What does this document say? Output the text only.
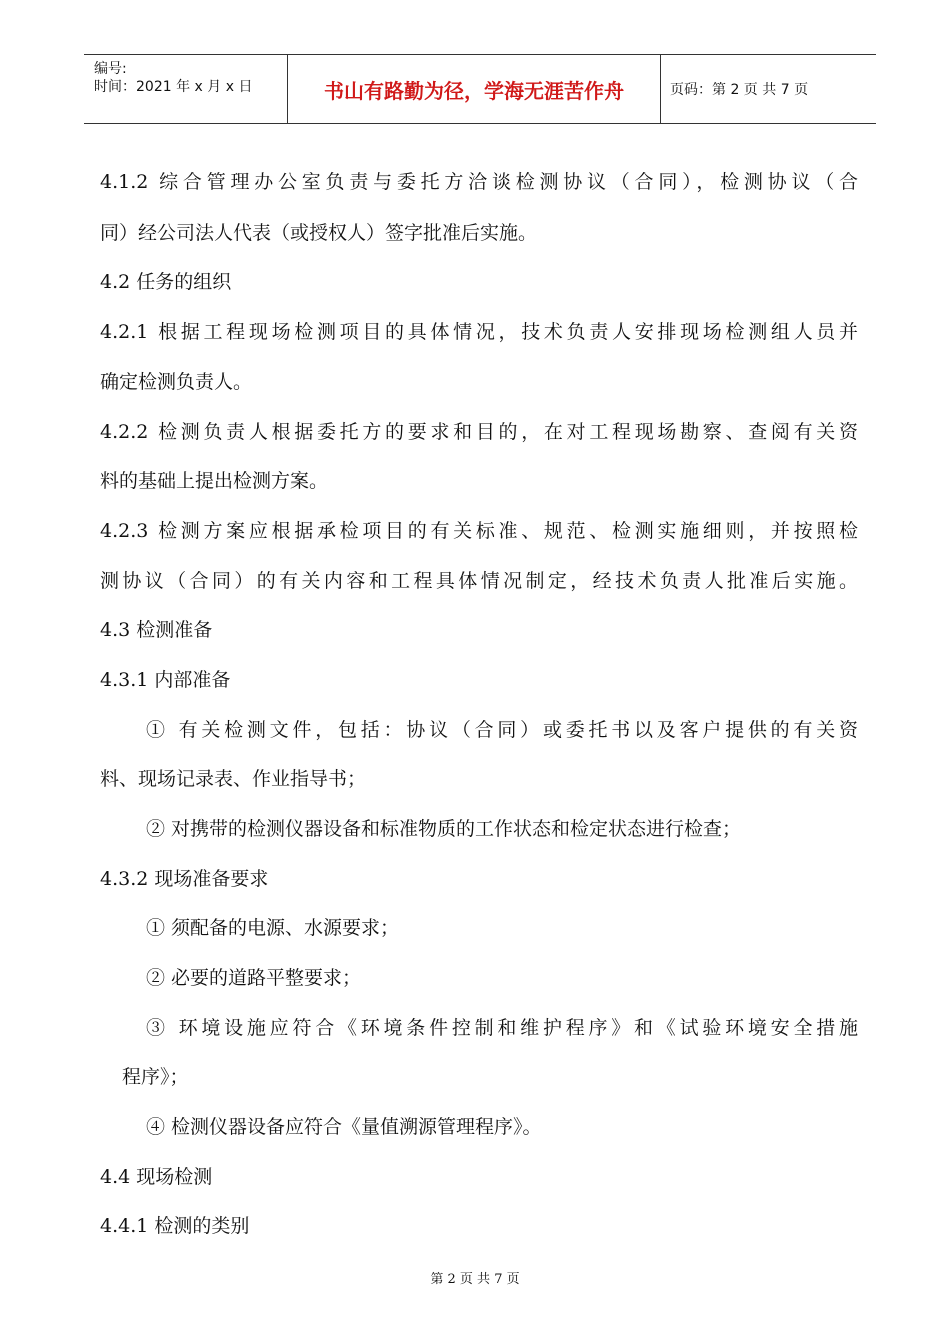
编号:
时间：2021 年 x 月 x 日	书山有路勤为径，学海无涯苦作舟	页码：第 2 页 共 7 页
4.1.2 综合管理办公室负责与委托方洽谈检测协议（合同），检测协议（合
同）经公司法人代表（或授权人）签字批准后实施。
4.2 任务的组织
4.2.1 根据工程现场检测项目的具体情况，技术负责人安排现场检测组人员并
确定检测负责人。
4.2.2 检测负责人根据委托方的要求和目的，在对工程现场勘察、查阅有关资
料的基础上提出检测方案。
4.2.3 检测方案应根据承检项目的有关标准、规范、检测实施细则，并按照检
测协议（合同）的有关内容和工程具体情况制定，经技术负责人批准后实施。
4.3 检测准备
4.3.1 内部准备
① 有关检测文件，包括：协议（合同）或委托书以及客户提供的有关资
料、现场记录表、作业指导书；
② 对携带的检测仪器设备和标准物质的工作状态和检定状态进行检查；
4.3.2 现场准备要求
① 须配备的电源、水源要求；
② 必要的道路平整要求；
③ 环境设施应符合《环境条件控制和维护程序》和《试验环境安全措施
程序》；
④ 检测仪器设备应符合《量值溯源管理程序》。
4.4 现场检测
4.4.1 检测的类别
第 2 页 共 7 页
